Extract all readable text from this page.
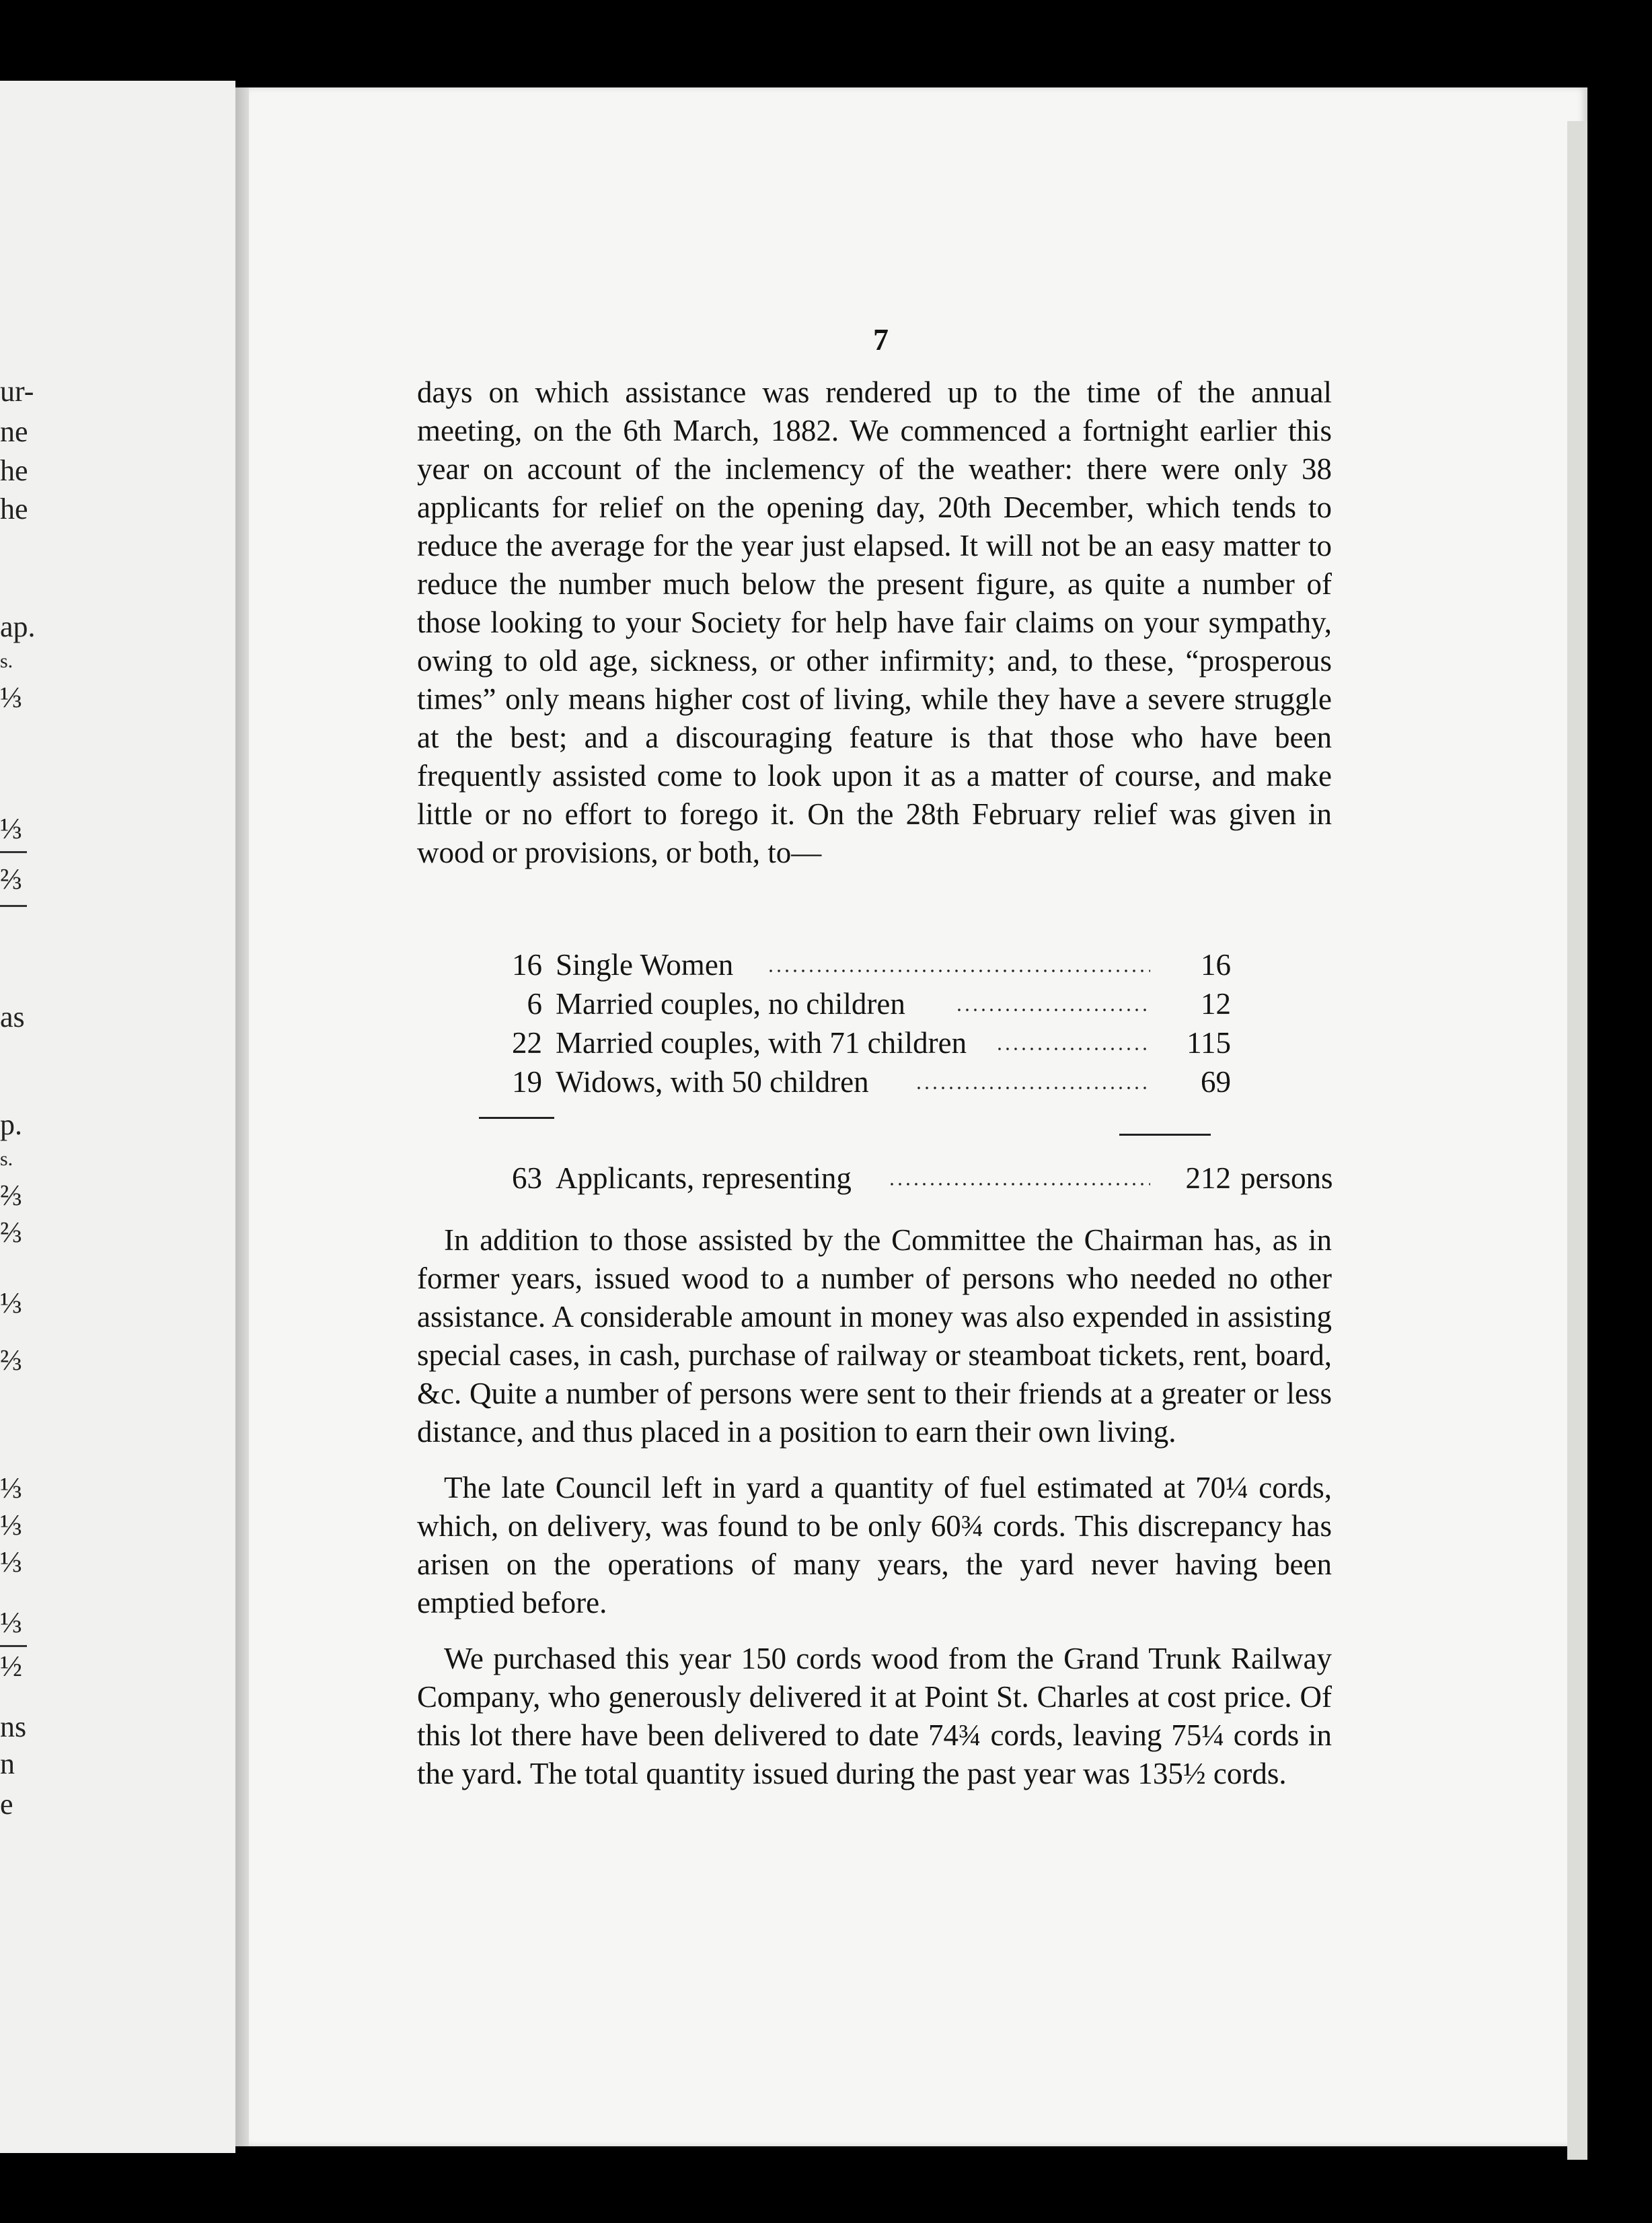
ur-
ne
he
he
ap.
s.
⅓
⅓
⅔
as
p.
s.
⅔
⅔
⅓
⅔
⅓
⅓
⅓
⅓
½
ns
n
e
7

days on which assistance was rendered up to the time of the annual meeting, on the 6th March, 1882. We commenced a fortnight earlier this year on account of the inclemency of the weather: there were only 38 applicants for relief on the opening day, 20th December, which tends to reduce the average for the year just elapsed. It will not be an easy matter to reduce the number much below the present figure, as quite a number of those looking to your Society for help have fair claims on your sympathy, owing to old age, sickness, or other infirmity; and, to these, “prosperous times” only means higher cost of living, while they have a severe struggle at the best; and a discouraging feature is that those who have been frequently assisted come to look upon it as a matter of course, and make little or no effort to forego it. On the 28th February relief was given in wood or provisions, or both, to—

16 Single Women	16
6 Married couples, no children	12
22 Married couples, with 71 children	115
19 Widows, with 50 children	69
63 Applicants, representing	212 persons

In addition to those assisted by the Committee the Chairman has, as in former years, issued wood to a number of persons who needed no other assistance. A considerable amount in money was also expended in assisting special cases, in cash, purchase of railway or steamboat tickets, rent, board, &c. Quite a number of persons were sent to their friends at a greater or less distance, and thus placed in a position to earn their own living.

The late Council left in yard a quantity of fuel estimated at 70¼ cords, which, on delivery, was found to be only 60¾ cords. This discrepancy has arisen on the operations of many years, the yard never having been emptied before.

We purchased this year 150 cords wood from the Grand Trunk Railway Company, who generously delivered it at Point St. Charles at cost price. Of this lot there have been delivered to date 74¾ cords, leaving 75¼ cords in the yard. The total quantity issued during the past year was 135½ cords.
